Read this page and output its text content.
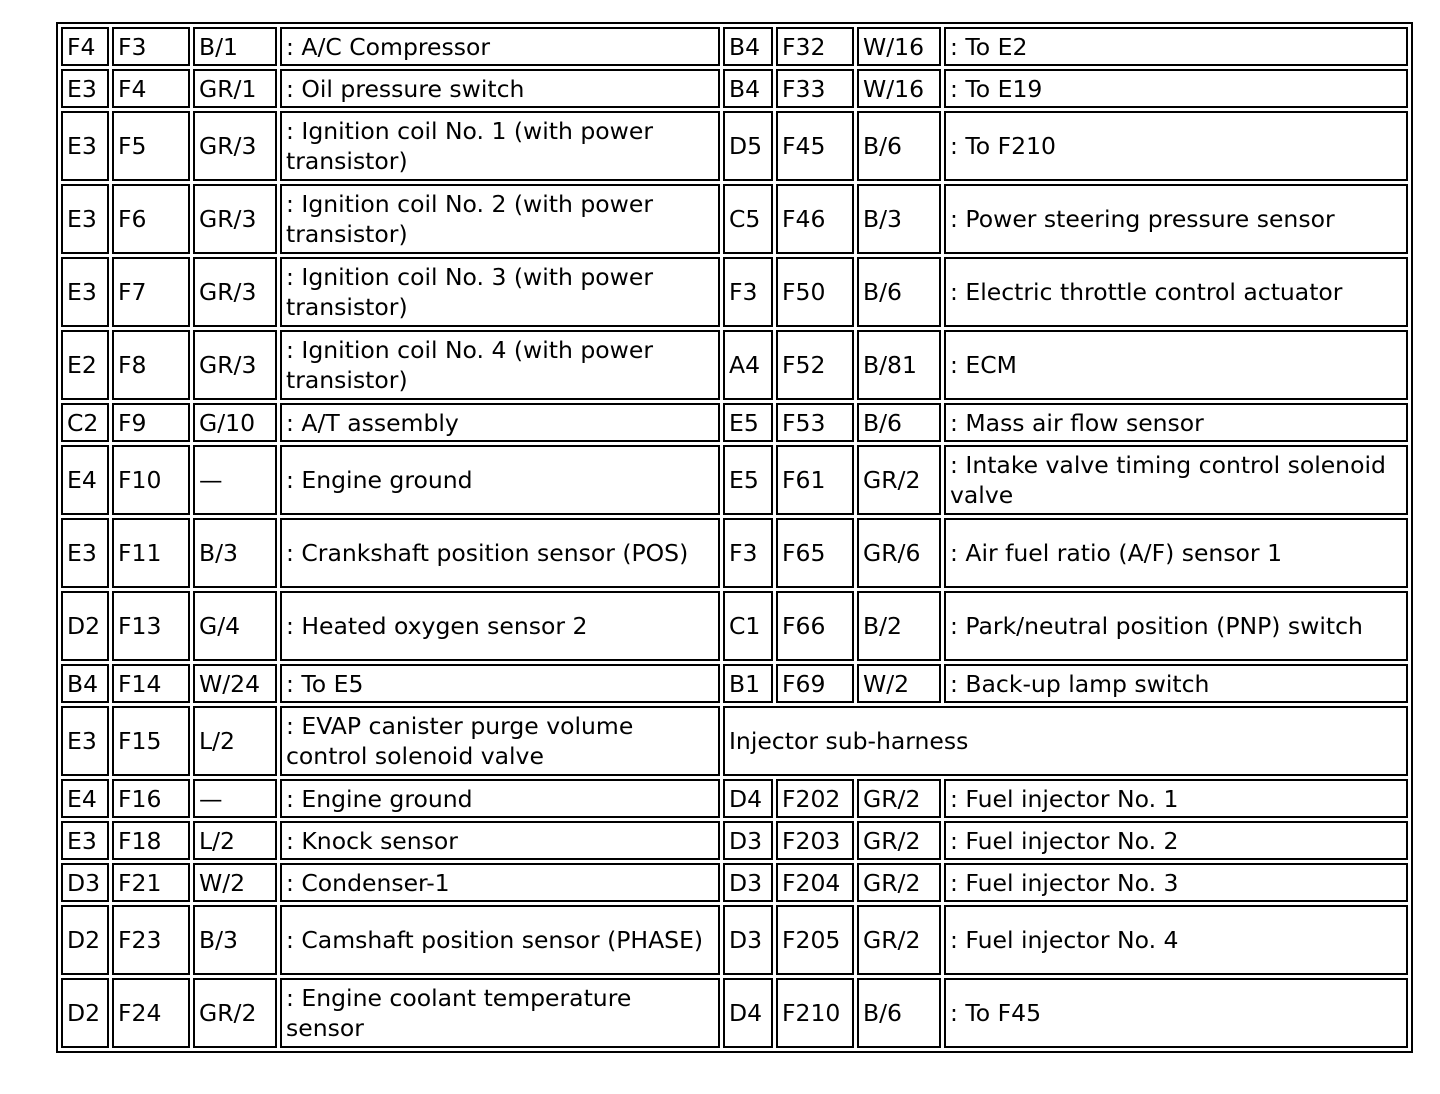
F4	F3	B/1	: A/C Compressor	B4	F32	W/16	: To E2
E3	F4	GR/1	: Oil pressure switch	B4	F33	W/16	: To E19
E3	F5	GR/3	: Ignition coil No. 1 (with power transistor)	D5	F45	B/6	: To F210
E3	F6	GR/3	: Ignition coil No. 2 (with power transistor)	C5	F46	B/3	: Power steering pressure sensor
E3	F7	GR/3	: Ignition coil No. 3 (with power transistor)	F3	F50	B/6	: Electric throttle control actuator
E2	F8	GR/3	: Ignition coil No. 4 (with power transistor)	A4	F52	B/81	: ECM
C2	F9	G/10	: A/T assembly	E5	F53	B/6	: Mass air flow sensor
E4	F10	—	: Engine ground	E5	F61	GR/2	: Intake valve timing control solenoid valve
E3	F11	B/3	: Crankshaft position sensor (POS)	F3	F65	GR/6	: Air fuel ratio (A/F) sensor 1
D2	F13	G/4	: Heated oxygen sensor 2	C1	F66	B/2	: Park/neutral position (PNP) switch
B4	F14	W/24	: To E5	B1	F69	W/2	: Back-up lamp switch
E3	F15	L/2	: EVAP canister purge volume control solenoid valve	Injector sub-harness			
E4	F16	—	: Engine ground	D4	F202	GR/2	: Fuel injector No. 1
E3	F18	L/2	: Knock sensor	D3	F203	GR/2	: Fuel injector No. 2
D3	F21	W/2	: Condenser-1	D3	F204	GR/2	: Fuel injector No. 3
D2	F23	B/3	: Camshaft position sensor (PHASE)	D3	F205	GR/2	: Fuel injector No. 4
D2	F24	GR/2	: Engine coolant temperature sensor	D4	F210	B/6	: To F45
